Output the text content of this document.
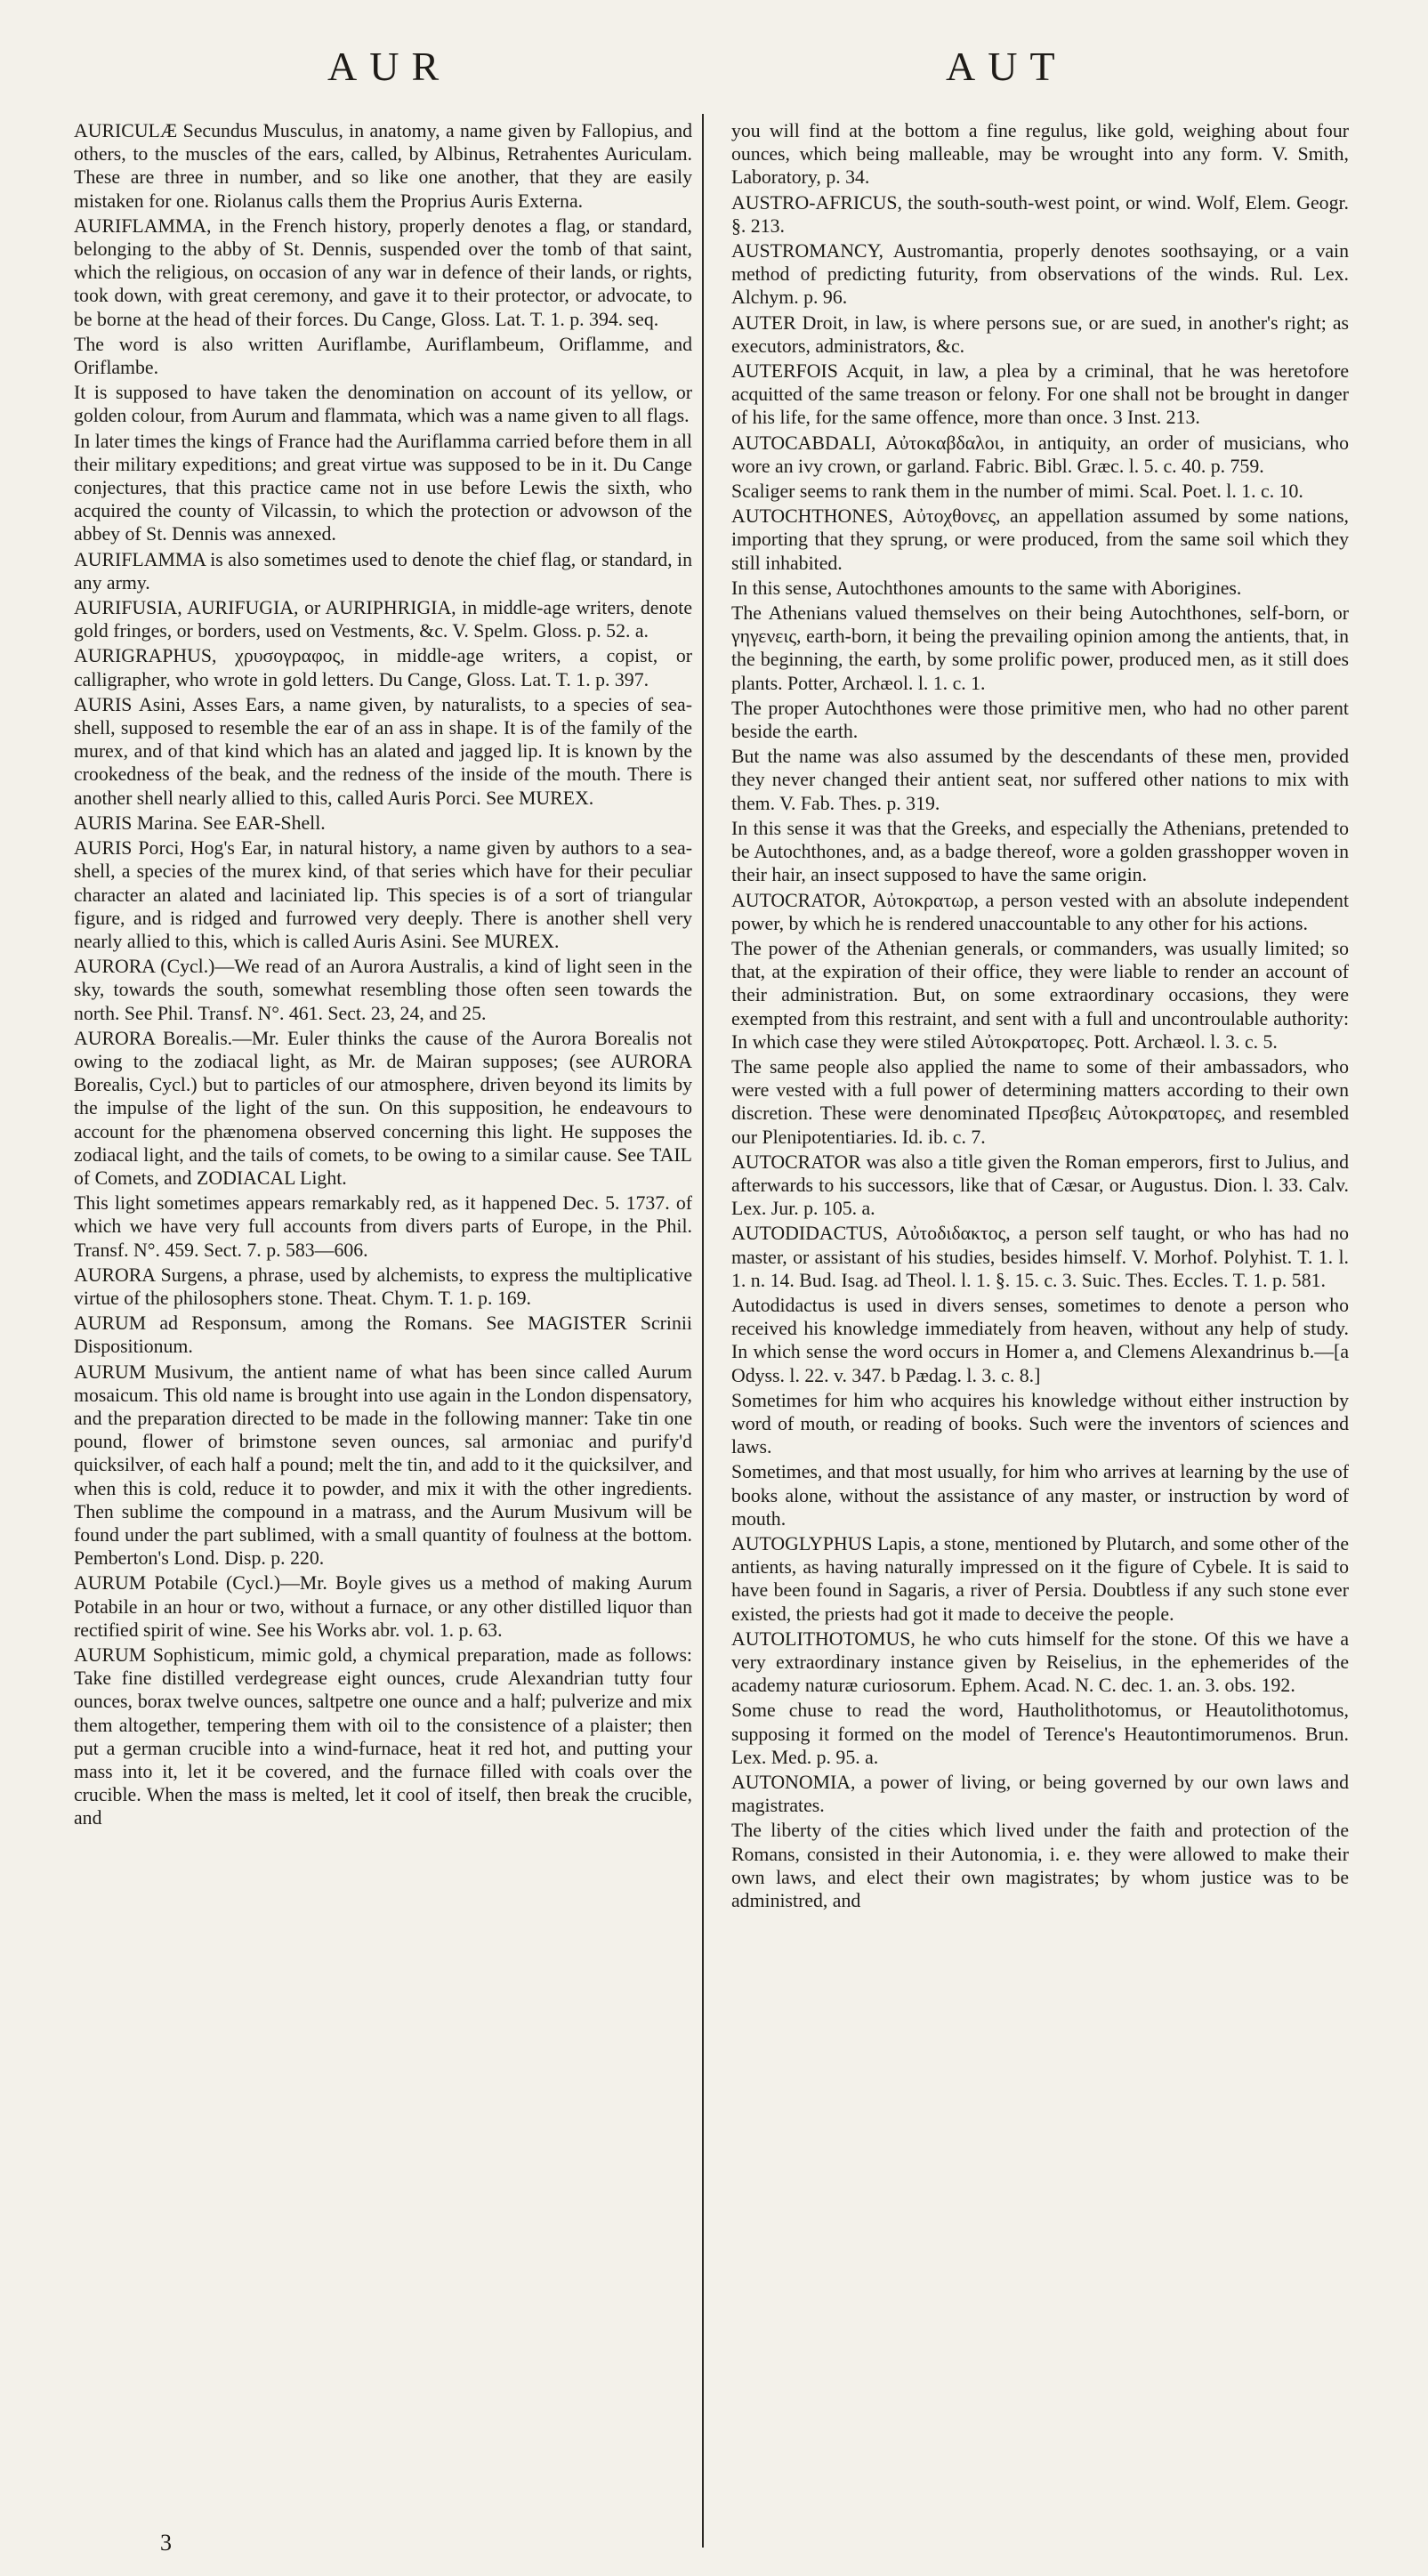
AUR	AUT

AURICULÆ Secundus Musculus, in anatomy, a name given by Fallopius, and others, to the muscles of the ears, called, by Albinus, Retrahentes Auriculam. These are three in number, and so like one another, that they are easily mistaken for one. Riolanus calls them the Proprius Auris Externa.

AURIFLAMMA, in the French history, properly denotes a flag, or standard, belonging to the abby of St. Dennis, suspended over the tomb of that saint, which the religious, on occasion of any war in defence of their lands, or rights, took down, with great ceremony, and gave it to their protector, or advocate, to be borne at the head of their forces. Du Cange, Gloss. Lat. T. 1. p. 394. seq.

The word is also written Auriflambe, Auriflambeum, Oriflamme, and Oriflambe.

It is supposed to have taken the denomination on account of its yellow, or golden colour, from Aurum and flammata, which was a name given to all flags.

In later times the kings of France had the Auriflamma carried before them in all their military expeditions; and great virtue was supposed to be in it. Du Cange conjectures, that this practice came not in use before Lewis the sixth, who acquired the county of Vilcassin, to which the protection or advowson of the abbey of St. Dennis was annexed.

AURIFLAMMA is also sometimes used to denote the chief flag, or standard, in any army.

AURIFUSIA, AURIFUGIA, or AURIPHRIGIA, in middle-age writers, denote gold fringes, or borders, used on Vestments, &c. V. Spelm. Gloss. p. 52. a.

AURIGRAPHUS, χρυσογραφος, in middle-age writers, a copist, or calligrapher, who wrote in gold letters. Du Cange, Gloss. Lat. T. 1. p. 397.

AURIS Asini, Asses Ears, a name given, by naturalists, to a species of sea-shell, supposed to resemble the ear of an ass in shape. It is of the family of the murex, and of that kind which has an alated and jagged lip. It is known by the crookedness of the beak, and the redness of the inside of the mouth. There is another shell nearly allied to this, called Auris Porci. See MUREX.

AURIS Marina. See EAR-Shell.

AURIS Porci, Hog's Ear, in natural history, a name given by authors to a sea-shell, a species of the murex kind, of that series which have for their peculiar character an alated and laciniated lip. This species is of a sort of triangular figure, and is ridged and furrowed very deeply. There is another shell very nearly allied to this, which is called Auris Asini. See MUREX.

AURORA (Cycl.)—We read of an Aurora Australis, a kind of light seen in the sky, towards the south, somewhat resembling those often seen towards the north. See Phil. Transf. N°. 461. Sect. 23, 24, and 25.

AURORA Borealis.—Mr. Euler thinks the cause of the Aurora Borealis not owing to the zodiacal light, as Mr. de Mairan supposes; (see AURORA Borealis, Cycl.) but to particles of our atmosphere, driven beyond its limits by the impulse of the light of the sun. On this supposition, he endeavours to account for the phænomena observed concerning this light. He supposes the zodiacal light, and the tails of comets, to be owing to a similar cause. See TAIL of Comets, and ZODIACAL Light.

This light sometimes appears remarkably red, as it happened Dec. 5. 1737. of which we have very full accounts from divers parts of Europe, in the Phil. Transf. N°. 459. Sect. 7. p. 583—606.

AURORA Surgens, a phrase, used by alchemists, to express the multiplicative virtue of the philosophers stone. Theat. Chym. T. 1. p. 169.

AURUM ad Responsum, among the Romans. See MAGISTER Scrinii Dispositionum.

AURUM Musivum, the antient name of what has been since called Aurum mosaicum. This old name is brought into use again in the London dispensatory, and the preparation directed to be made in the following manner: Take tin one pound, flower of brimstone seven ounces, sal armoniac and purify'd quicksilver, of each half a pound; melt the tin, and add to it the quicksilver, and when this is cold, reduce it to powder, and mix it with the other ingredients. Then sublime the compound in a matrass, and the Aurum Musivum will be found under the part sublimed, with a small quantity of foulness at the bottom. Pemberton's Lond. Disp. p. 220.

AURUM Potabile (Cycl.)—Mr. Boyle gives us a method of making Aurum Potabile in an hour or two, without a furnace, or any other distilled liquor than rectified spirit of wine. See his Works abr. vol. 1. p. 63.

AURUM Sophisticum, mimic gold, a chymical preparation, made as follows: Take fine distilled verdegrease eight ounces, crude Alexandrian tutty four ounces, borax twelve ounces, saltpetre one ounce and a half; pulverize and mix them altogether, tempering them with oil to the consistence of a plaister; then put a german crucible into a wind-furnace, heat it red hot, and putting your mass into it, let it be covered, and the furnace filled with coals over the crucible. When the mass is melted, let it cool of itself, then break the crucible, and

you will find at the bottom a fine regulus, like gold, weighing about four ounces, which being malleable, may be wrought into any form. V. Smith, Laboratory, p. 34.

AUSTRO-AFRICUS, the south-south-west point, or wind. Wolf, Elem. Geogr. §. 213.

AUSTROMANCY, Austromantia, properly denotes soothsaying, or a vain method of predicting futurity, from observations of the winds. Rul. Lex. Alchym. p. 96.

AUTER Droit, in law, is where persons sue, or are sued, in another's right; as executors, administrators, &c.

AUTERFOIS Acquit, in law, a plea by a criminal, that he was heretofore acquitted of the same treason or felony. For one shall not be brought in danger of his life, for the same offence, more than once. 3 Inst. 213.

AUTOCABDALI, Αὐτοκαβδαλοι, in antiquity, an order of musicians, who wore an ivy crown, or garland. Fabric. Bibl. Græc. l. 5. c. 40. p. 759.

Scaliger seems to rank them in the number of mimi. Scal. Poet. l. 1. c. 10.

AUTOCHTHONES, Αὐτοχθονες, an appellation assumed by some nations, importing that they sprung, or were produced, from the same soil which they still inhabited.

In this sense, Autochthones amounts to the same with Aborigines.

The Athenians valued themselves on their being Autochthones, self-born, or γηγενεις, earth-born, it being the prevailing opinion among the antients, that, in the beginning, the earth, by some prolific power, produced men, as it still does plants. Potter, Archæol. l. 1. c. 1.

The proper Autochthones were those primitive men, who had no other parent beside the earth.

But the name was also assumed by the descendants of these men, provided they never changed their antient seat, nor suffered other nations to mix with them. V. Fab. Thes. p. 319.

In this sense it was that the Greeks, and especially the Athenians, pretended to be Autochthones, and, as a badge thereof, wore a golden grasshopper woven in their hair, an insect supposed to have the same origin.

AUTOCRATOR, Αὐτοκρατωρ, a person vested with an absolute independent power, by which he is rendered unaccountable to any other for his actions.

The power of the Athenian generals, or commanders, was usually limited; so that, at the expiration of their office, they were liable to render an account of their administration. But, on some extraordinary occasions, they were exempted from this restraint, and sent with a full and uncontroulable authority: In which case they were stiled Αὐτοκρατορες. Pott. Archæol. l. 3. c. 5.

The same people also applied the name to some of their ambassadors, who were vested with a full power of determining matters according to their own discretion. These were denominated Πρεσβεις Αὐτοκρατορες, and resembled our Plenipotentiaries. Id. ib. c. 7.

AUTOCRATOR was also a title given the Roman emperors, first to Julius, and afterwards to his successors, like that of Cæsar, or Augustus. Dion. l. 33. Calv. Lex. Jur. p. 105. a.

AUTODIDACTUS, Αὐτοδιδακτος, a person self taught, or who has had no master, or assistant of his studies, besides himself. V. Morhof. Polyhist. T. 1. l. 1. n. 14. Bud. Isag. ad Theol. l. 1. §. 15. c. 3. Suic. Thes. Eccles. T. 1. p. 581.

Autodidactus is used in divers senses, sometimes to denote a person who received his knowledge immediately from heaven, without any help of study. In which sense the word occurs in Homer a, and Clemens Alexandrinus b.—[a Odyss. l. 22. v. 347. b Pædag. l. 3. c. 8.]

Sometimes for him who acquires his knowledge without either instruction by word of mouth, or reading of books. Such were the inventors of sciences and laws.

Sometimes, and that most usually, for him who arrives at learning by the use of books alone, without the assistance of any master, or instruction by word of mouth.

AUTOGLYPHUS Lapis, a stone, mentioned by Plutarch, and some other of the antients, as having naturally impressed on it the figure of Cybele. It is said to have been found in Sagaris, a river of Persia. Doubtless if any such stone ever existed, the priests had got it made to deceive the people.

AUTOLITHOTOMUS, he who cuts himself for the stone. Of this we have a very extraordinary instance given by Reiselius, in the ephemerides of the academy naturæ curiosorum. Ephem. Acad. N. C. dec. 1. an. 3. obs. 192.

Some chuse to read the word, Hautholithotomus, or Heautolithotomus, supposing it formed on the model of Terence's Heautontimorumenos. Brun. Lex. Med. p. 95. a.

AUTONOMIA, a power of living, or being governed by our own laws and magistrates.

The liberty of the cities which lived under the faith and protection of the Romans, consisted in their Autonomia, i. e. they were allowed to make their own laws, and elect their own magistrates; by whom justice was to be administred, and

3
